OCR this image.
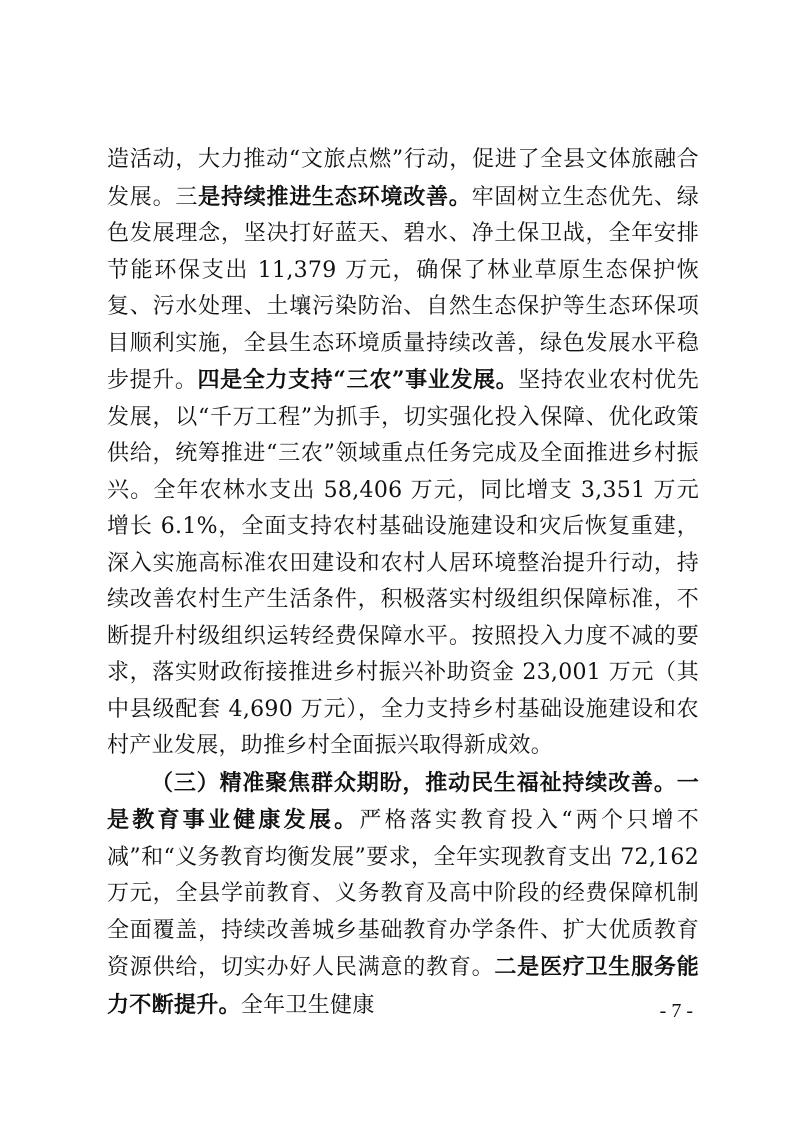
造活动，大力推动“文旅点燃”行动，促进了全县文体旅融合发展。三是持续推进生态环境改善。牢固树立生态优先、绿色发展理念，坚决打好蓝天、碧水、净土保卫战，全年安排节能环保支出 11,379 万元，确保了林业草原生态保护恢复、污水处理、土壤污染防治、自然生态保护等生态环保项目顺利实施，全县生态环境质量持续改善，绿色发展水平稳步提升。四是全力支持“三农”事业发展。坚持农业农村优先发展，以“千万工程”为抓手，切实强化投入保障、优化政策供给，统筹推进“三农”领域重点任务完成及全面推进乡村振兴。全年农林水支出 58,406 万元，同比增支 3,351 万元增长 6.1%，全面支持农村基础设施建设和灾后恢复重建，深入实施高标准农田建设和农村人居环境整治提升行动，持续改善农村生产生活条件，积极落实村级组织保障标准，不断提升村级组织运转经费保障水平。按照投入力度不减的要求，落实财政衔接推进乡村振兴补助资金 23,001 万元（其中县级配套 4,690 万元），全力支持乡村基础设施建设和农村产业发展，助推乡村全面振兴取得新成效。

（三）精准聚焦群众期盼，推动民生福祉持续改善。一是教育事业健康发展。严格落实教育投入“两个只增不减”和“义务教育均衡发展”要求，全年实现教育支出 72,162 万元，全县学前教育、义务教育及高中阶段的经费保障机制全面覆盖，持续改善城乡基础教育办学条件、扩大优质教育资源供给，切实办好人民满意的教育。二是医疗卫生服务能力不断提升。全年卫生健康	- 7 -
